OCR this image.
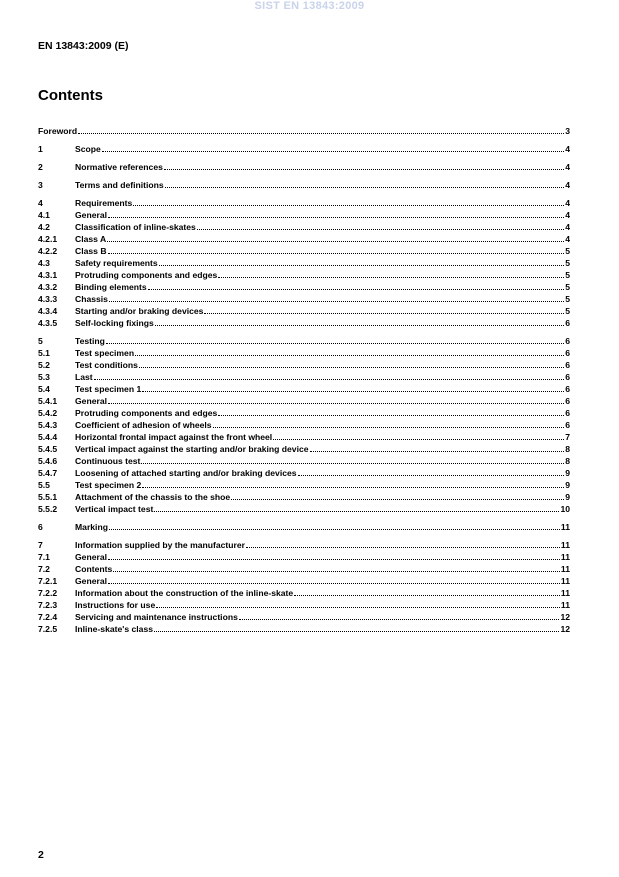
SIST EN 13843:2009
EN 13843:2009 (E)
Contents
Foreword	3
1	Scope	4
2	Normative references	4
3	Terms and definitions	4
4	Requirements	4
4.1	General	4
4.2	Classification of inline-skates	4
4.2.1 Class A	4
4.2.2 Class B	5
4.3	Safety requirements	5
4.3.1 Protruding components and edges	5
4.3.2 Binding elements	5
4.3.3 Chassis	5
4.3.4 Starting and/or braking devices	5
4.3.5 Self-locking fixings	6
5	Testing	6
5.1	Test specimen	6
5.2	Test conditions	6
5.3	Last	6
5.4	Test specimen 1	6
5.4.1 General	6
5.4.2 Protruding components and edges	6
5.4.3 Coefficient of adhesion of wheels	6
5.4.4 Horizontal frontal impact against the front wheel	7
5.4.5 Vertical impact against the starting and/or braking device	8
5.4.6 Continuous test	8
5.4.7 Loosening of attached starting and/or braking devices	9
5.5	Test specimen 2	9
5.5.1 Attachment of the chassis to the shoe	9
5.5.2 Vertical impact test	10
6	Marking	11
7	Information supplied by the manufacturer	11
7.1	General	11
7.2	Contents	11
7.2.1 General	11
7.2.2 Information about the construction of the inline-skate	11
7.2.3 Instructions for use	11
7.2.4 Servicing and maintenance instructions	12
7.2.5 Inline-skate's class	12
2
